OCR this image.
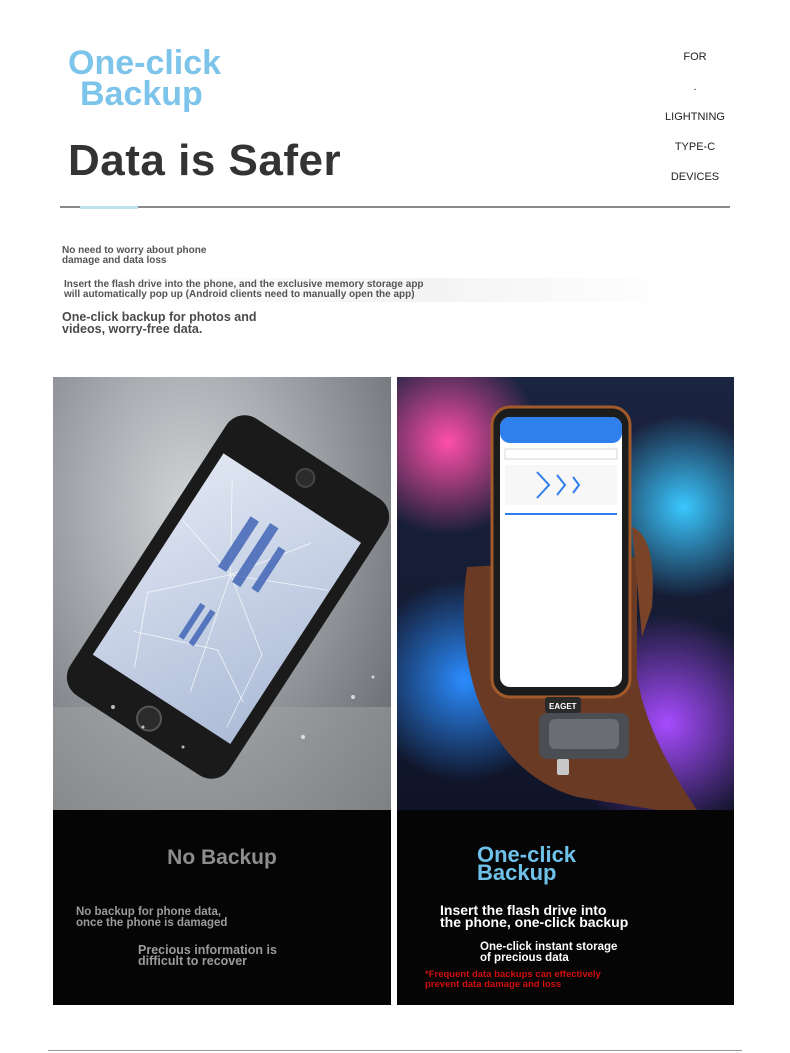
One-click
Backup
Data is Safer
FOR
.
LIGHTNING
TYPE-C
DEVICES
No need to worry about phone
damage and data loss
Insert the flash drive into the phone, and the exclusive memory storage app
will automatically pop up (Android clients need to manually open the app)
One-click backup for photos and
videos, worry-free data.
No Backup
No backup for phone data,
once the phone is damaged
Precious information is
difficult to recover
EAGET
One-click
Backup
Insert the flash drive into
the phone, one-click backup
One-click instant storage
of precious data
*Frequent data backups can effectively
prevent data damage and loss
